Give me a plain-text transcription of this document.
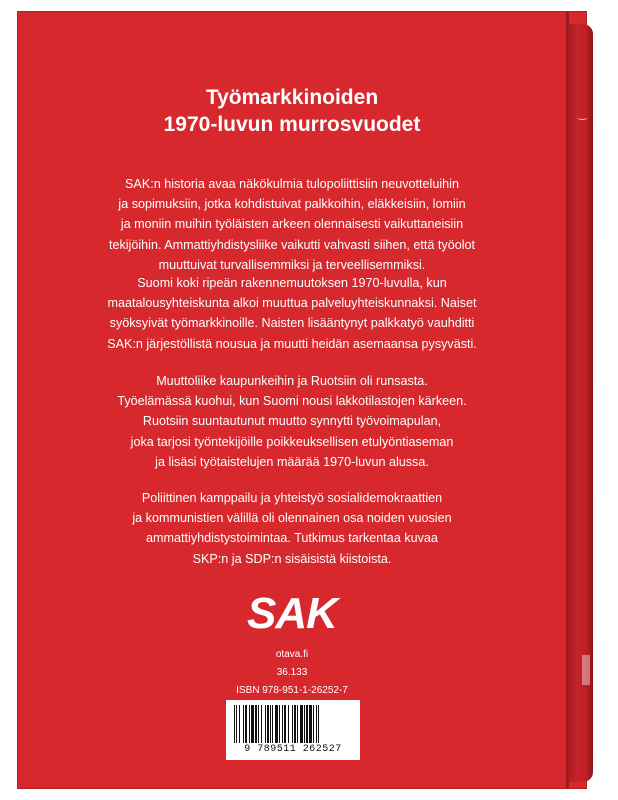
‿
Työmarkkinoiden
1970-luvun murrosvuodet
SAK:n historia avaa näkökulmia tulopoliittisiin neuvotteluihin
ja sopimuksiin, jotka kohdistuivat palkkoihin, eläkkeisiin, lomiin
ja moniin muihin työläisten arkeen olennaisesti vaikuttaneisiin
tekijöihin. Ammattiyhdistysliike vaikutti vahvasti siihen, että työolot
muuttuivat turvallisemmiksi ja terveellisemmiksi.
Suomi koki ripeän rakennemuutoksen 1970-luvulla, kun
maatalousyhteiskunta alkoi muuttua palveluyhteiskunnaksi. Naiset
syöksyivät työmarkkinoille. Naisten lisääntynyt palkkatyö vauhditti
SAK:n järjestöllistä nousua ja muutti heidän asemaansa pysyvästi.
Muuttoliike kaupunkeihin ja Ruotsiin oli runsasta.
Työelämässä kuohui, kun Suomi nousi lakkotilastojen kärkeen.
Ruotsiin suuntautunut muutto synnytti työvoimapulan,
joka tarjosi työntekijöille poikkeuksellisen etulyöntiaseman
ja lisäsi työtaistelujen määrää 1970-luvun alussa.
Poliittinen kamppailu ja yhteistyö sosialidemokraattien
ja kommunistien välillä oli olennainen osa noiden vuosien
ammattiyhdistystoimintaa. Tutkimus tarkentaa kuvaa
SKP:n ja SDP:n sisäisistä kiistoista.
SAK
otava.fi
36.133
ISBN 978-951-1-26252-7
9 789511 262527
